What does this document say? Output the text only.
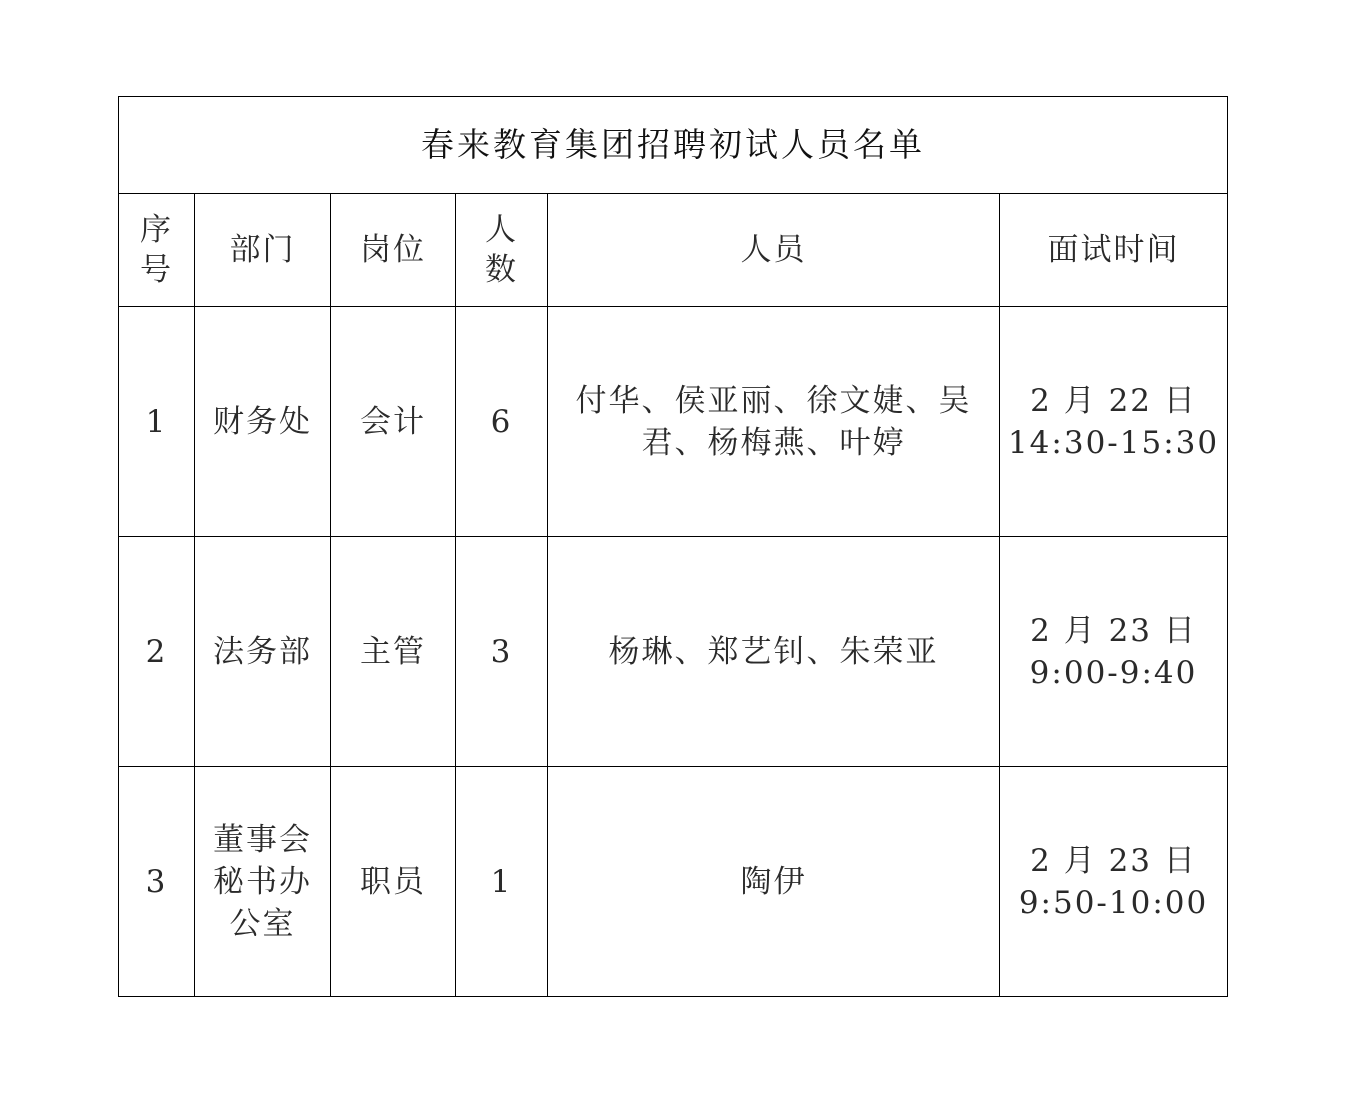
春来教育集团招聘初试人员名单					
序号	部门	岗位	人数	人员	面试时间
1	财务处	会计	6	付华、侯亚丽、徐文婕、吴君、杨梅燕、叶婷	2 月 22 日
14:30-15:30

2	法务部	主管	3	杨琳、郑艺钊、朱荣亚	2 月 23 日
9:00-9:40

3	董事会秘书办公室	职员	1	陶伊	2 月 23 日
9:50-10:00
